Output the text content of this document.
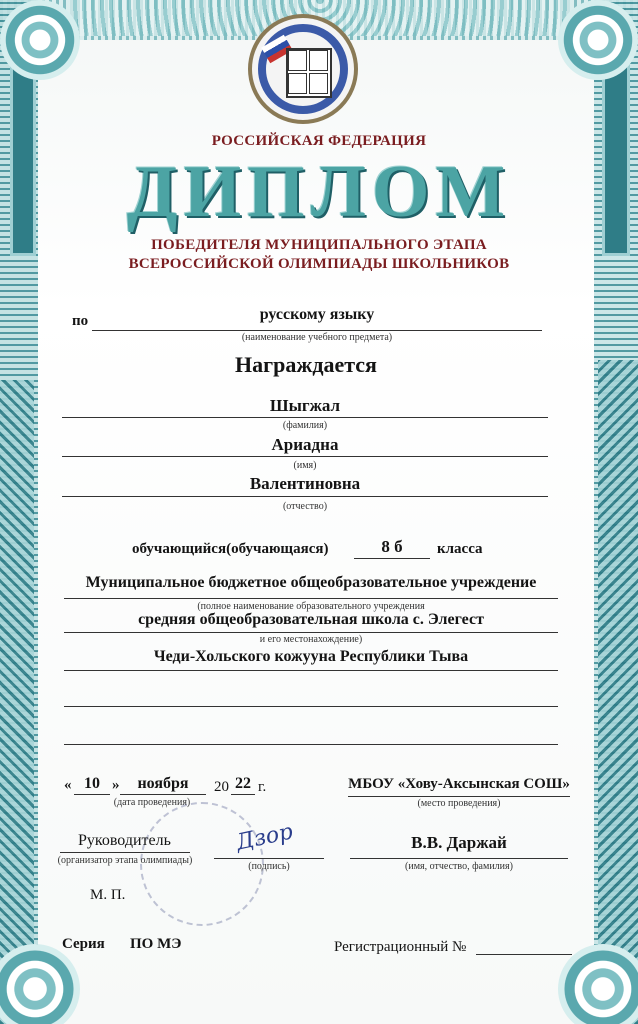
РОССИЙСКАЯ ФЕДЕРАЦИЯ
ДИПЛОМ
ПОБЕДИТЕЛЯ МУНИЦИПАЛЬНОГО ЭТАПА
ВСЕРОССИЙСКОЙ ОЛИМПИАДЫ ШКОЛЬНИКОВ
по	русскому языку
(наименование учебного предмета)
Награждается
Шыгжал
(фамилия)
Ариадна
(имя)
Валентиновна
(отчество)
обучающийся(обучающаяся)	8 б	класса
Муниципальное бюджетное общеобразовательное учреждение
(полное наименование образовательного учреждения
средняя общеобразовательная школа с. Элегест
и его местонахождение)
Чеди-Хольского кожууна Республики Тыва
« 10 »	ноября	20 22 г.
(дата проведения)
МБОУ «Хову-Аксынская СОШ»
(место проведения)
Дзор
Руководитель
(организатор этапа олимпиады)
(подпись)
В.В. Даржай
(имя, отчество, фамилия)
М. П.
Серия ПО МЭ	Регистрационный №
